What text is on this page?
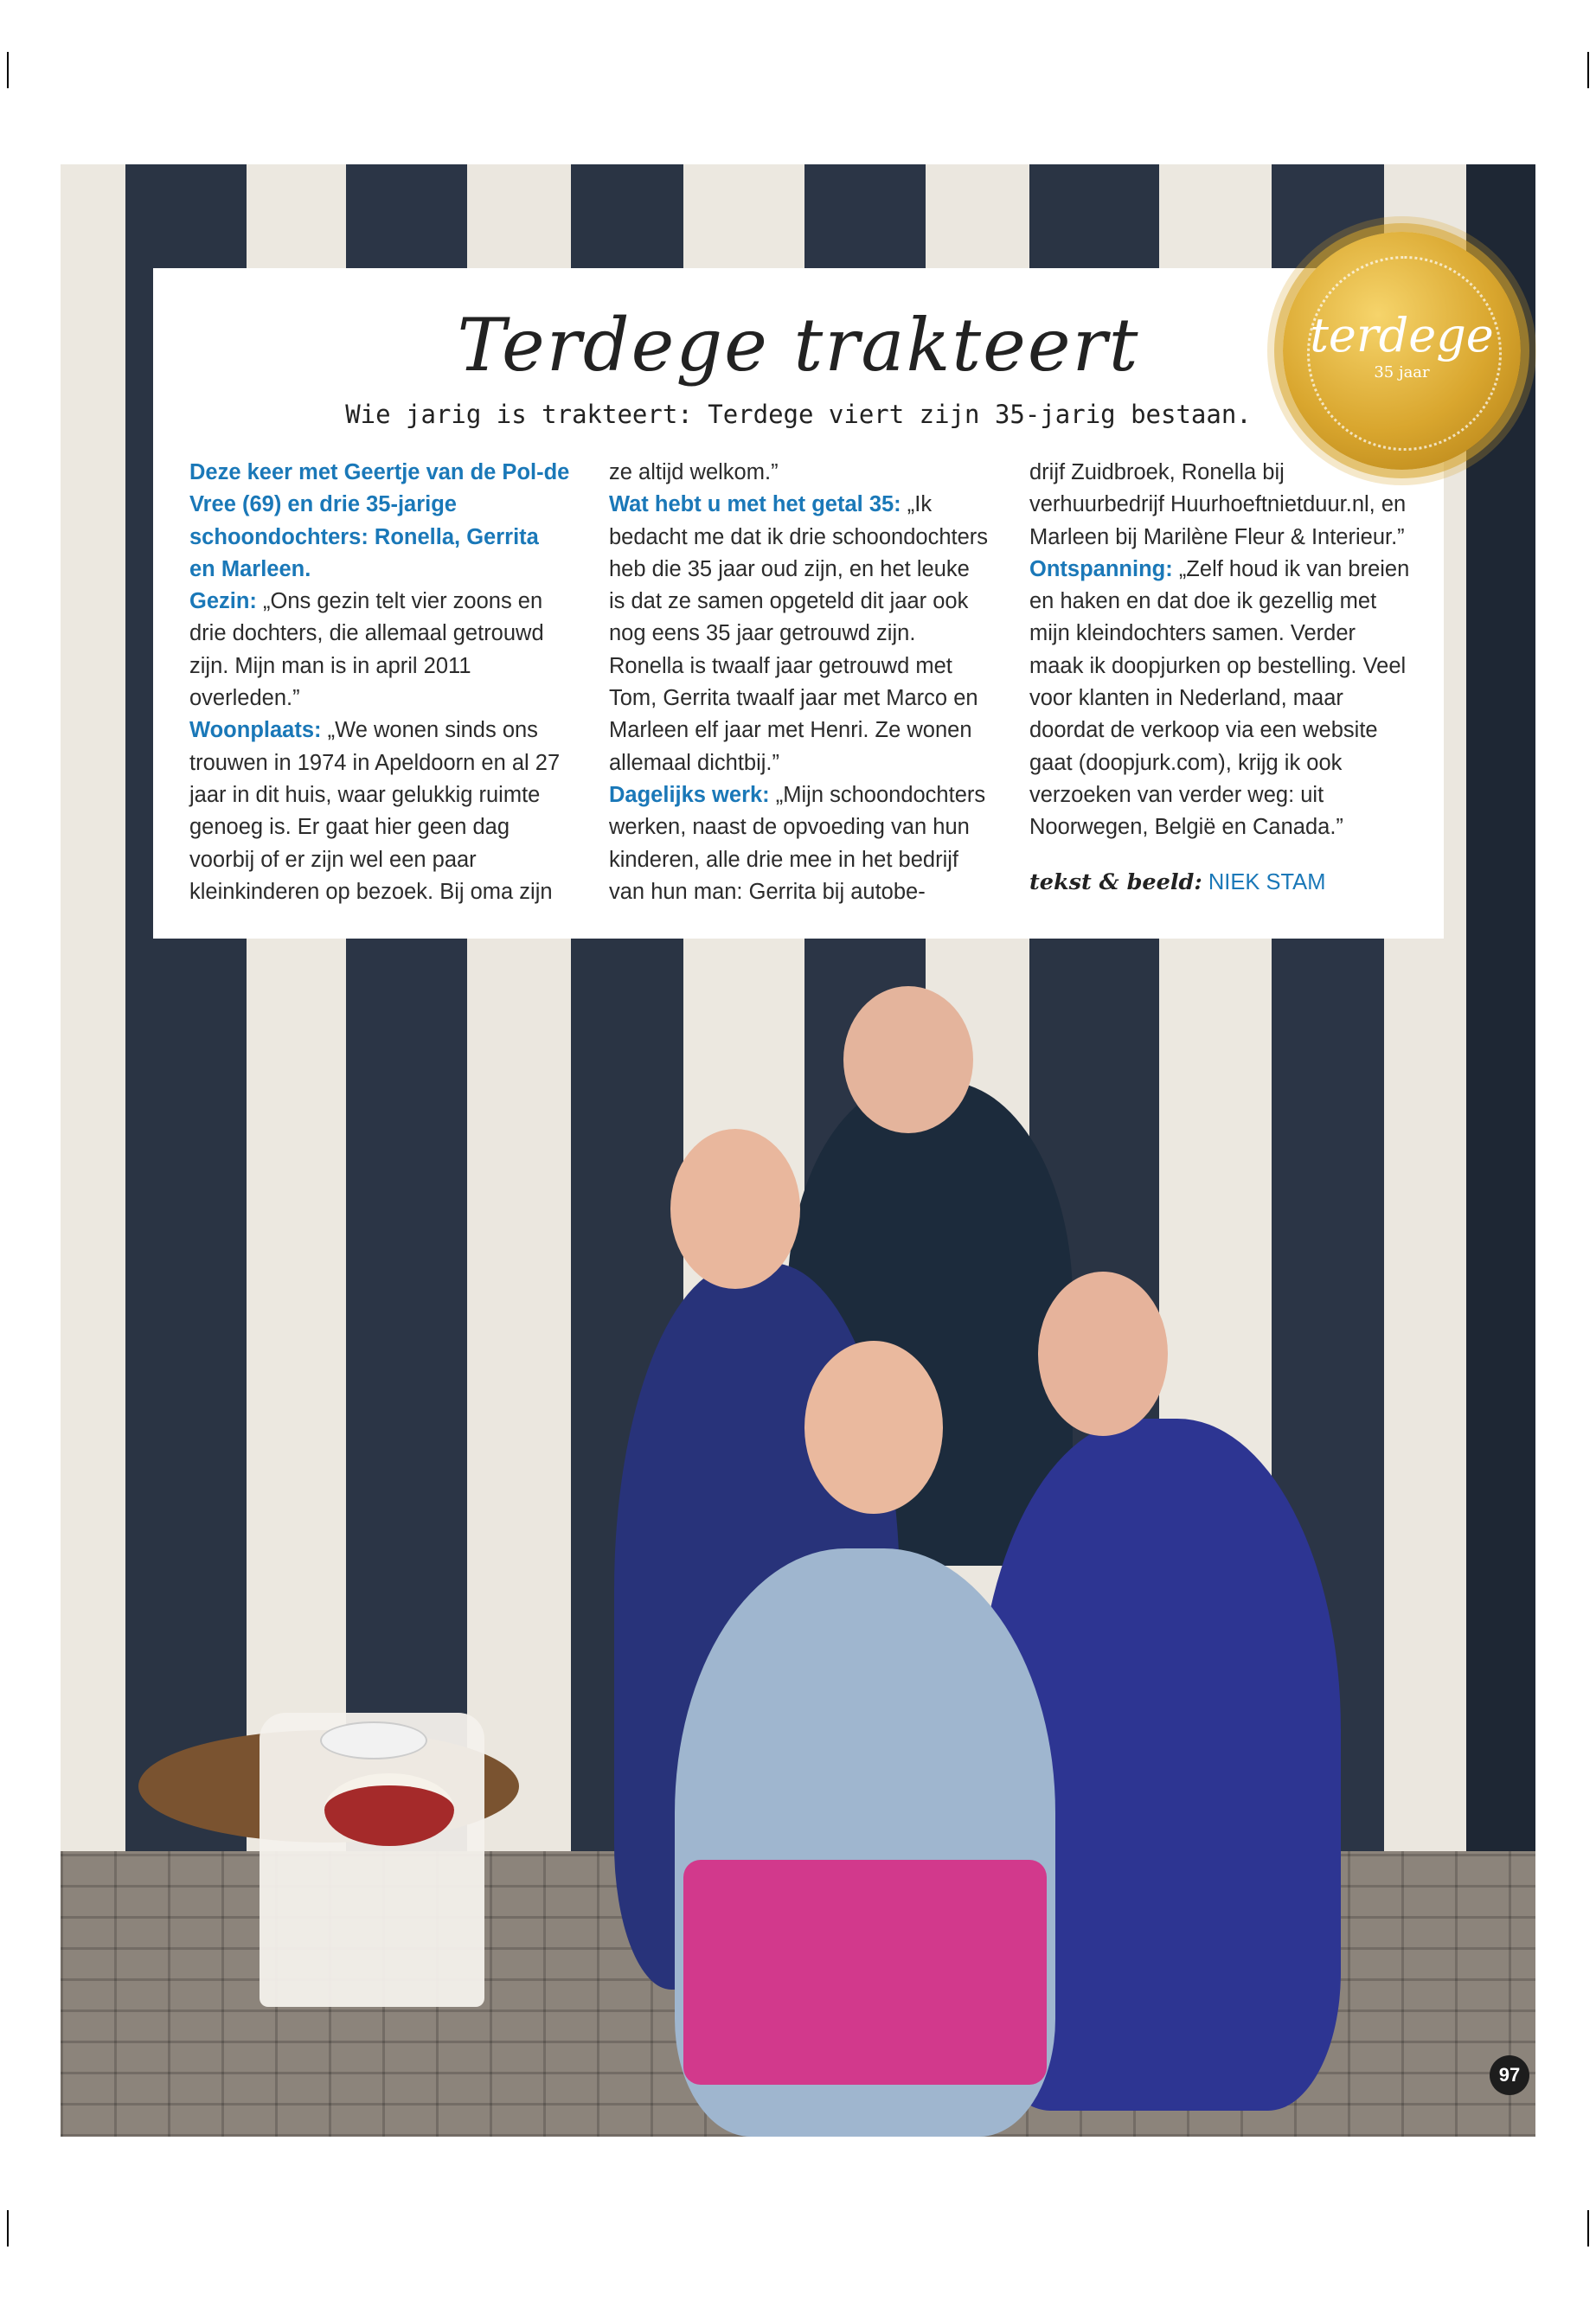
Terdege trakteert
Wie jarig is trakteert: Terdege viert zijn 35-jarig bestaan.

Deze keer met Geertje van de Pol-de Vree (69) en drie 35-jarige schoondochters: Ronella, Gerrita en Marleen.

Gezin: „Ons gezin telt vier zoons en drie dochters, die allemaal getrouwd zijn. Mijn man is in april 2011 overleden.”

Woonplaats: „We wonen sinds ons trouwen in 1974 in Apeldoorn en al 27 jaar in dit huis, waar gelukkig ruimte genoeg is. Er gaat hier geen dag voorbij of er zijn wel een paar kleinkinderen op bezoek. Bij oma zijn

ze altijd welkom.”

Wat hebt u met het getal 35: „Ik bedacht me dat ik drie schoondochters heb die 35 jaar oud zijn, en het leuke is dat ze samen opgeteld dit jaar ook nog eens 35 jaar getrouwd zijn. Ronella is twaalf jaar getrouwd met Tom, Gerrita twaalf jaar met Marco en Marleen elf jaar met Henri. Ze wonen allemaal dichtbij.”

Dagelijks werk: „Mijn schoondochters werken, naast de opvoeding van hun kinderen, alle drie mee in het bedrijf van hun man: Gerrita bij autobe-

drijf Zuidbroek, Ronella bij verhuurbedrijf Huurhoeftnietduur.nl, en Marleen bij Marilène Fleur & Interieur.”

Ontspanning: „Zelf houd ik van breien en haken en dat doe ik gezellig met mijn kleindochters samen. Verder maak ik doopjurken op bestelling. Veel voor klanten in Nederland, maar doordat de verkoop via een website gaat (doopjurk.com), krijg ik ook verzoeken van verder weg: uit Noorwegen, België en Canada.”

tekst & beeld: NIEK STAM

terdege
35 jaar
97
